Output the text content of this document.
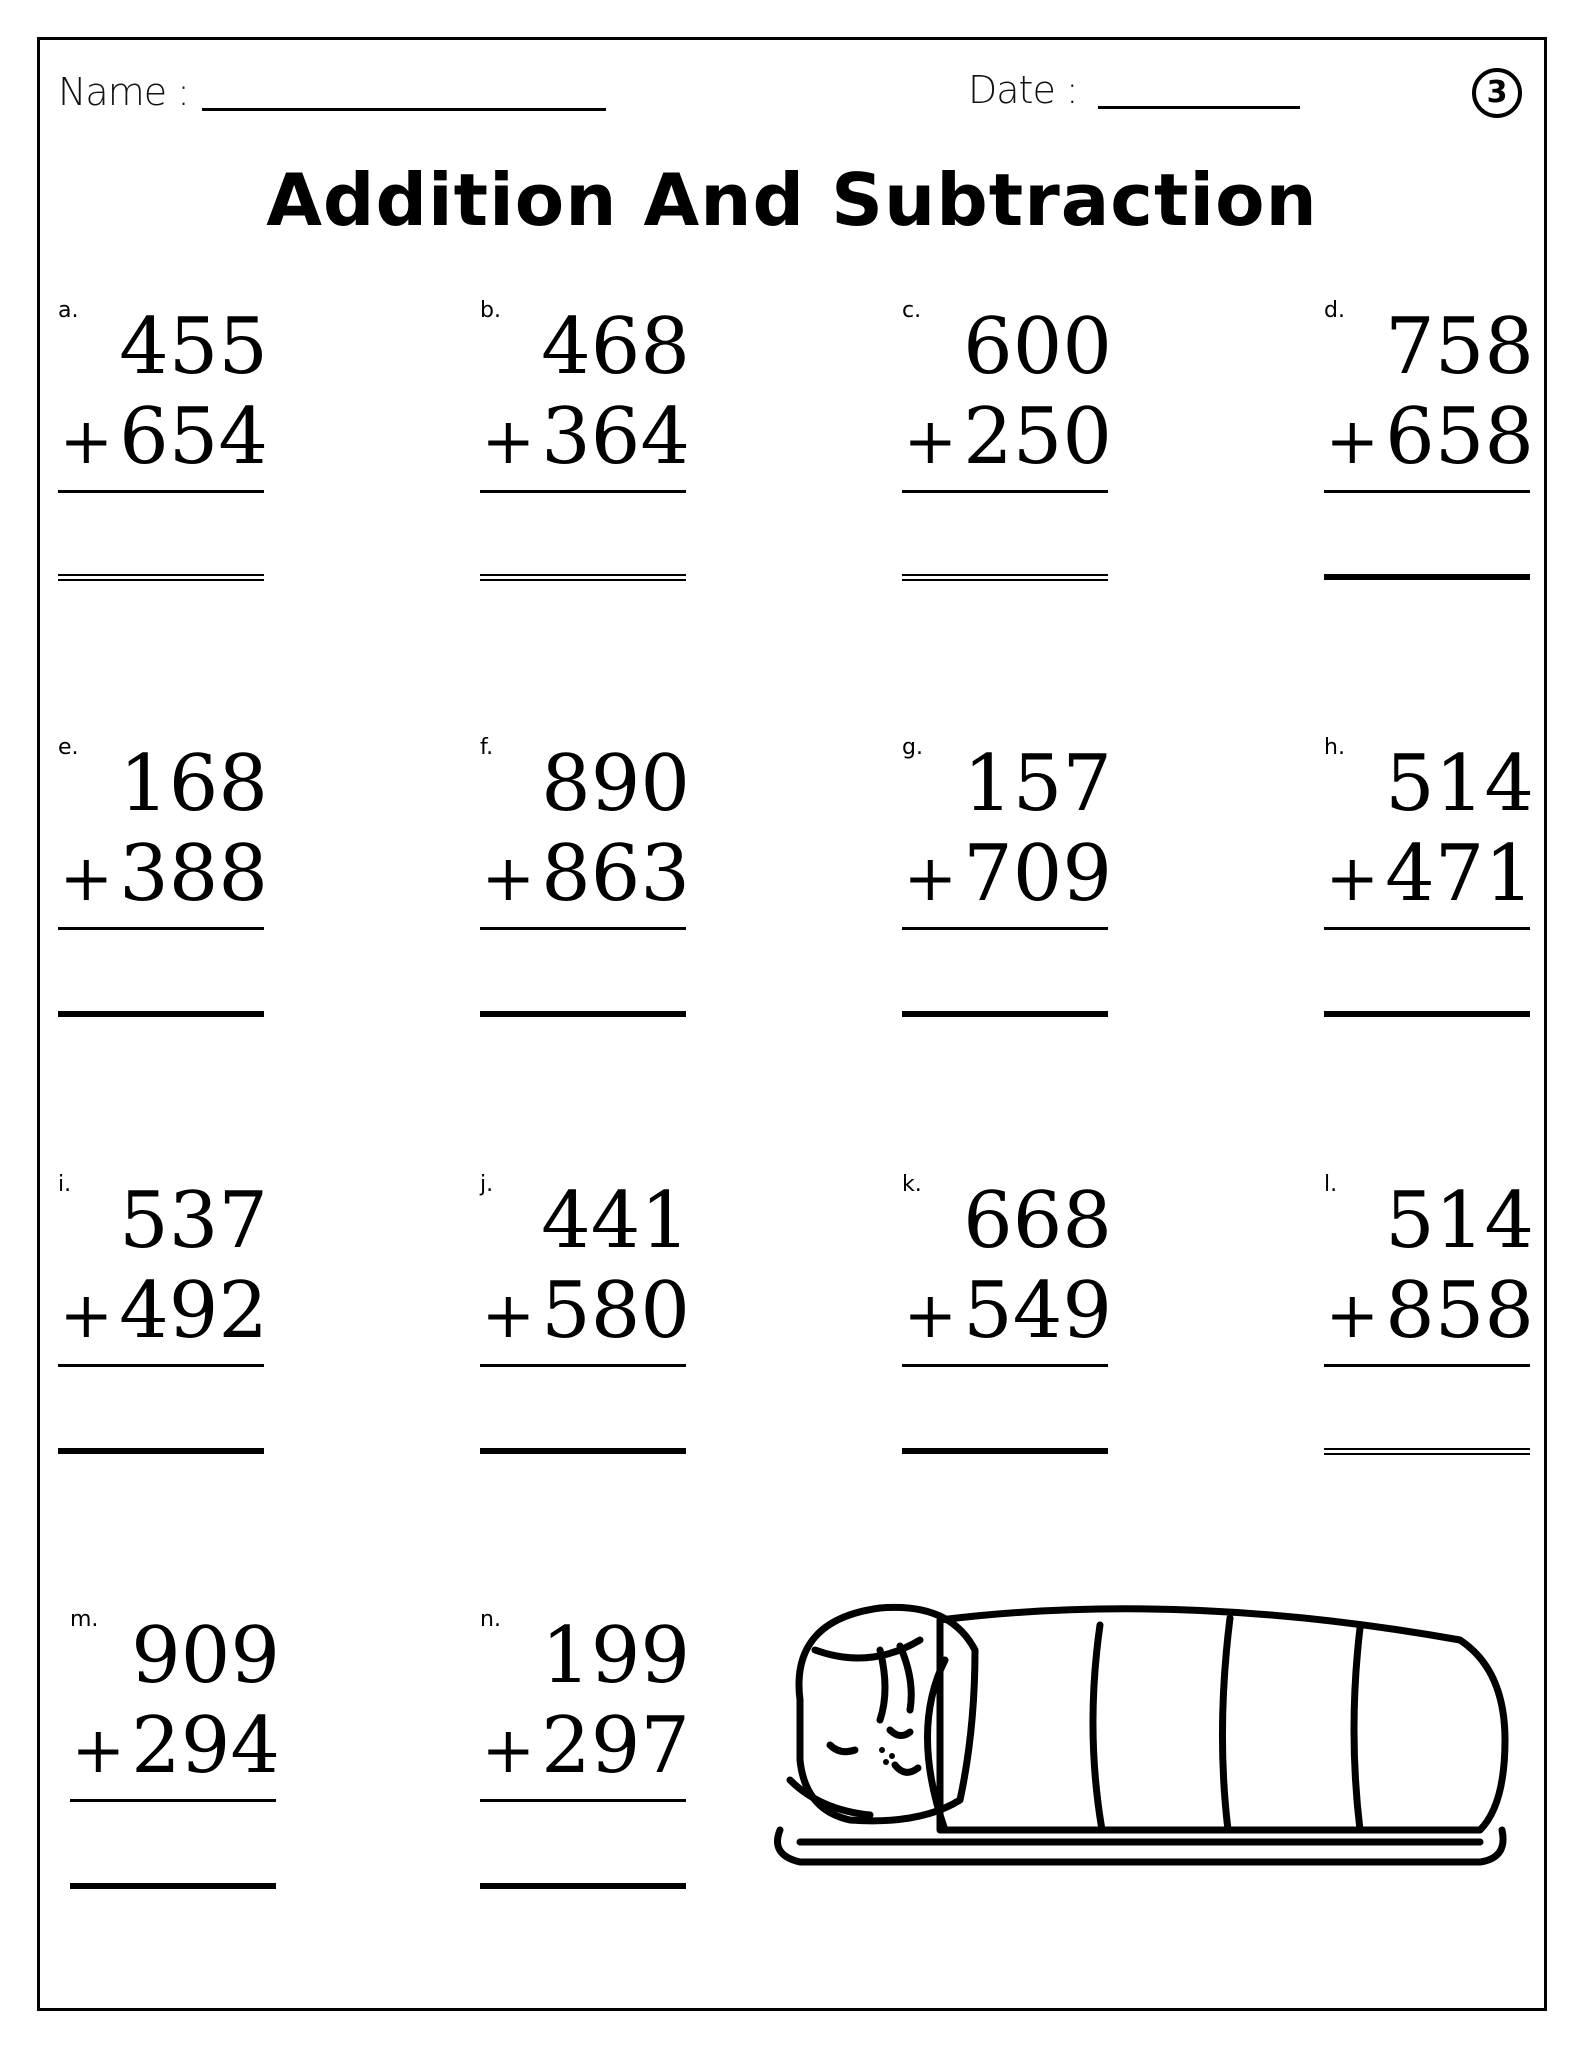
Name :	Date :	3
Addition And Subtraction
a. 455
+654
b. 468
+364
c. 600
+250
d. 758
+658
e. 168
+388
f. 890
+863
g. 157
+709
h. 514
+471
i. 537
+492
j. 441
+580
k. 668
+549
l. 514
+858
m. 909
+294
n. 199
+297
